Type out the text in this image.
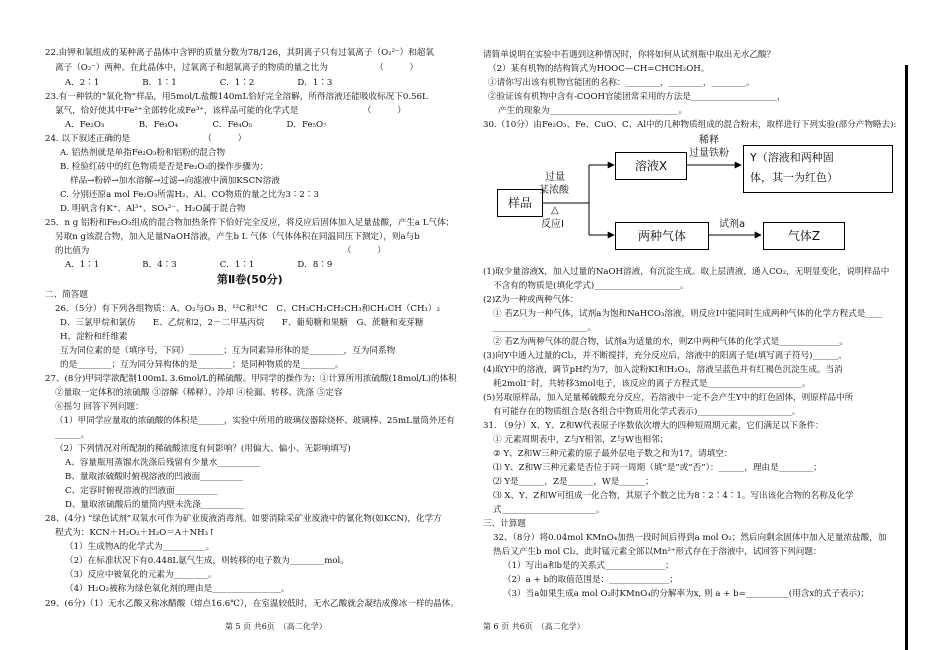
22.由钾和氧组成的某种离子晶体中含钾的质量分数为78/126，其阴离子只有过氧离子（O₂²⁻）和超氧
离子（O₂⁻）两种。在此晶体中，过氧离子和超氧离子的物质的量之比为　　　　　　（　　　）
A．2∶1　　　　　B．1∶1　　　　　C．1∶2　　　　　D．1∶3
23.有一种铁的“氧化物”样品，用5mol/L盐酸140mL恰好完全溶解，所得溶液还能吸收标况下0.56L
氯气，恰好使其中Fe²⁺全部转化成Fe³⁺，该样品可能的化学式是　　　　　　　　（　　　）
A．Fe₂O₃　　　　B．Fe₃O₄　　　　C．Fe₄O₅　　　　D．Fe₅O₇
24. 以下叙述正确的是　　　　　　　　　（　　　）
A. 铝热剂就是单指Fe₂O₃粉和铝粉的混合物
B. 检验红砖中的红色物质是否是Fe₂O₃的操作步骤为：
样品→粉碎→加水溶解→过滤→向滤液中滴加KSCN溶液
C. 分别还原a mol Fe₂O₃所需H₂、Al、CO物质的量之比为3∶2∶3
D. 明矾含有K⁺、Al³⁺、SO₄²⁻、H₂O属于混合物
25．n g 铝粉和Fe₂O₃组成的混合物加热条件下恰好完全反应，将反应后固体加入足量盐酸，产生a L气体；
另取n g该混合物，加入足量NaOH溶液，产生b L 气体（气体体积在同温同压下测定），则a与b
的比值为　　　　　　　　　　　　　　　　　　　　　　　　　　　　　　（　　　）
A．1∶1　　　　　B．4∶3　　　　　C．1∶1　　　　　D．8∶9
第Ⅱ卷(50分)
二、简答题
26、（5分）有下列各组物质：A、O₂与O₃ B、¹²C和¹⁴C　C、CH₃CH₂CH₂CH₃和CH₃CH（CH₃）₂
D、三氯甲烷和氯仿　　E、乙烷和2，2－二甲基丙烷　　F、葡萄糖和果糖　G、蔗糖和麦芽糖
H、淀粉和纤维素
互为同位素的是（填序号，下同）________；互为同素异形体的是________，互为同系物
的是________；互为同分异构体的是________；是同种物质的是________。
27、(8分)甲同学欲配制100mL 3.6mol/L的稀硫酸。甲同学的操作为：①计算所用浓硫酸(18mol/L)的体积
②量取一定体积的浓硫酸 ③溶解（稀释）、冷却 ④检漏、转移、洗涤 ⑤定容
⑥摇匀 回答下列问题：
（1）甲同学应量取的浓硫酸的体积是______，实验中所用的玻璃仪器除烧杯、玻璃棒、25mL量筒外还有
______。
（2）下列情况对所配制的稀硫酸浓度有何影响？(用偏大、偏小、无影响填写)
A、容量瓶用蒸馏水洗涤后残留有少量水__________
B、量取浓硫酸时俯视溶液的凹液面__________
C、定容时俯视溶液的凹液面__________
D、量取浓硫酸后的量筒内壁未洗涤__________
28、(4分) “绿色试剂”双氧水可作为矿业废液消毒剂。如要消除采矿业废液中的氰化物(如KCN)，化学方
程式为：KCN＋H₂O₂＋H₂O＝A＋NH₃↑
（1）生成物A的化学式为__________。
（2）在标准状况下有0.448L氨气生成，则转移的电子数为________mol。
（3）反应中被氧化的元素为________。
（4）H₂O₂被称为绿色氧化剂的理由是________________。
29、(6分)（1）无水乙酸又称冰醋酸（熔点16.6℃），在室温较低时，无水乙酸就会凝结成像冰一样的晶体。
第 5 页 共6页　（高二化学）
请简单说明在实验中若遇到这种情况时，你将如何从试剂瓶中取出无水乙酸？
（2）某有机物的结构简式为HOOC—CH=CHCH₂OH。
①请你写出该有机物官能团的名称：________，________，________。
②验证该有机物中含有-COOH官能团常采用的方法是____________________，
产生的现象为______________________________。
30.（10分）由Fe₂O₃、Fe、CuO、C、Al中的几种物质组成的混合粉末，取样进行下列实验(部分产物略去):
(1)取少量溶液X，加入过量的NaOH溶液，有沉淀生成。取上层清液，通入CO₂，无明显变化，说明样品中
不含有的物质是(填化学式)____________________。
(2)Z为一种或两种气体：
① 若Z只为一种气体，试剂a为饱和NaHCO₃溶液，则反应Ⅰ中能同时生成两种气体的化学方程式是____
______________________。
② 若Z为两种气体的混合物，试剂a为适量的水，则Z中两种气体的化学式是______________。
(3)向Y中通入过量的Cl₂，并不断搅拌，充分反应后，溶液中的阳离子是(填写离子符号)______。
(4)取Y中的溶液，调节pH约为7，加入淀粉KI和H₂O₂，溶液呈蓝色并有红褐色沉淀生成。当消
耗2molI⁻时，共转移3mol电子，该反应的离子方程式是______________________。
(5)另取原样品，加入足量稀硫酸充分反应，若溶液中一定不会产生Y中的红色固体，则原样品中所
有可能存在的物质组合是(各组合中物质用化学式表示)______________________。
31. （9分）X、Y、Z和W代表原子序数依次增大的四种短周期元素，它们满足以下条件：
① 元素周期表中，Z与Y相邻，Z与W也相邻；
② Y、Z和W三种元素的原子最外层电子数之和为17。请填空：
⑴ Y、Z和W三种元素是否位于同一周期（填“是”或“否”）：______，理由是________；
⑵ Y是______，Z是______，W是______；
⑶ X、Y、Z和W可组成一化合物，其原子个数之比为8∶2∶4∶1。写出该化合物的名称及化学
式______________________。
三、计算题
32、（8分）将0.04mol KMnO₄加热一段时间后得到a mol O₂；然后向剩余固体中加入足量浓盐酸，加
热后又产生b mol Cl₂，此时锰元素全部以Mn²⁺形式存在于溶液中，试回答下列问题：
（1）写出a和b是的关系式______________；
（2）a + b的取值范围是：______________；
（3）当a如果生成a mol O₂时KMnO₄的分解率为x, 则 a + b=__________(用含x的式子表示)；
第 6 页 共6页　（高二化学）
样品
过量
某浓酸
△
反应Ⅰ
溶液X
稀释
过量铁粉	Y（溶液和两种固
体，其一为红色）
两种气体
试剂a
气体Z
